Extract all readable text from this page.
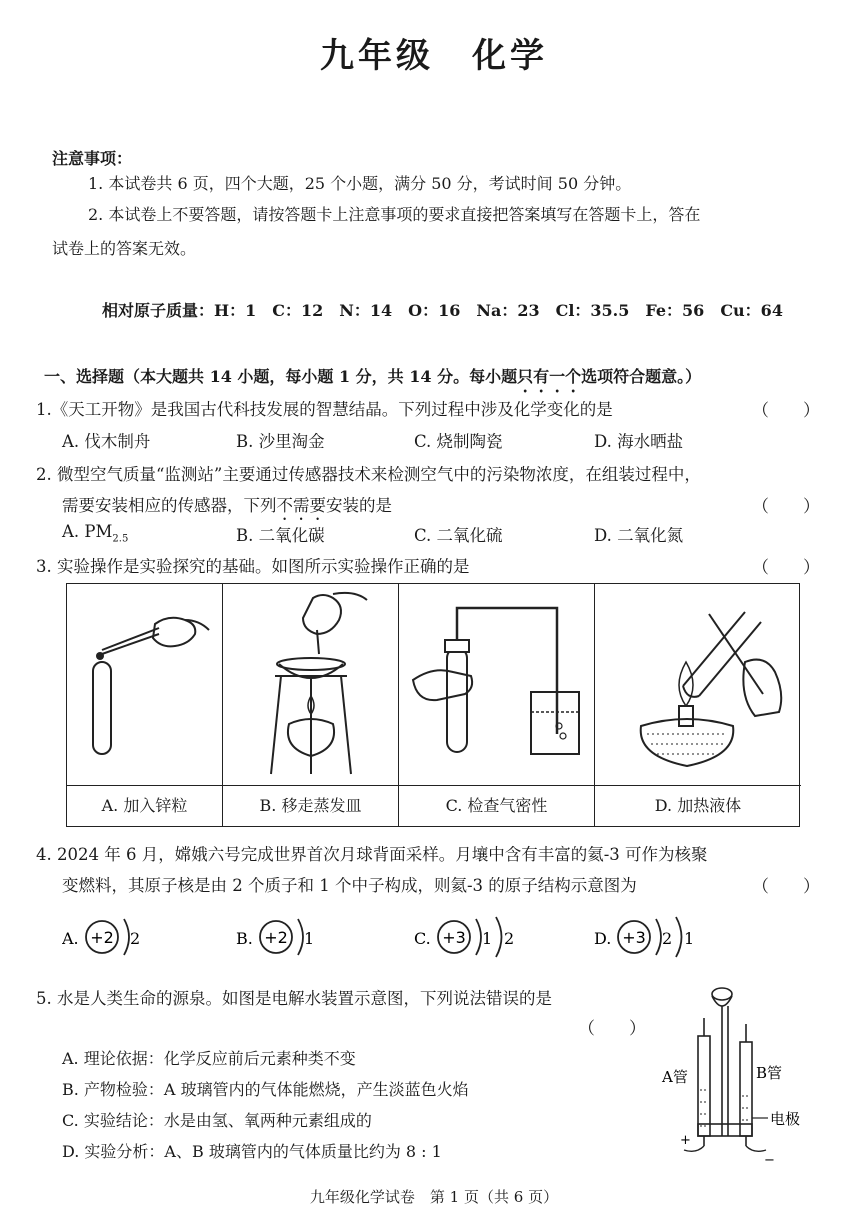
九年级　化学
注意事项：
1. 本试卷共 6 页，四个大题，25 个小题，满分 50 分，考试时间 50 分钟。
2. 本试卷上不要答题，请按答题卡上注意事项的要求直接把答案填写在答题卡上，答在
试卷上的答案无效。
相对原子质量：H：1　C：12　N：14　O：16　Na：23　Cl：35.5　Fe：56　Cu：64
一、选择题（本大题共 14 小题，每小题 1 分，共 14 分。每小题只有一个选项符合题意。）
1.《天工开物》是我国古代科技发展的智慧结晶。下列过程中涉及化学变化的是	（　　）
A. 伐木制舟	B. 沙里淘金	C. 烧制陶瓷	D. 海水晒盐
2. 微型空气质量“监测站”主要通过传感器技术来检测空气中的污染物浓度，在组装过程中，
需要安装相应的传感器，下列不需要安装的是	（　　）
A. $PM_{2.5}$	B. 二氧化碳	C. 二氧化硫	D. 二氧化氮
3. 实验操作是实验探究的基础。如图所示实验操作正确的是	（　　）
A. 加入锌粒	B. 移走蒸发皿	C. 检查气密性	D. 加热液体
4. 2024 年 6 月，嫦娥六号完成世界首次月球背面采样。月壤中含有丰富的氦-3 可作为核聚
变燃料，其原子核是由 2 个质子和 1 个中子构成，则氦-3 的原子结构示意图为	（　　）
A. +2 2	B. +2 1	C. +3 1 2	D. +3 2 1
5. 水是人类生命的源泉。如图是电解水装置示意图，下列说法错误的是
（　　）
A. 理论依据：化学反应前后元素种类不变
B. 产物检验：A 玻璃管内的气体能燃烧，产生淡蓝色火焰
C. 实验结论：水是由氢、氧两种元素组成的
D. 实验分析：A、B 玻璃管内的气体质量比约为 8 : 1
A管	B管
电极
+
−
九年级化学试卷　第 1 页（共 6 页）
